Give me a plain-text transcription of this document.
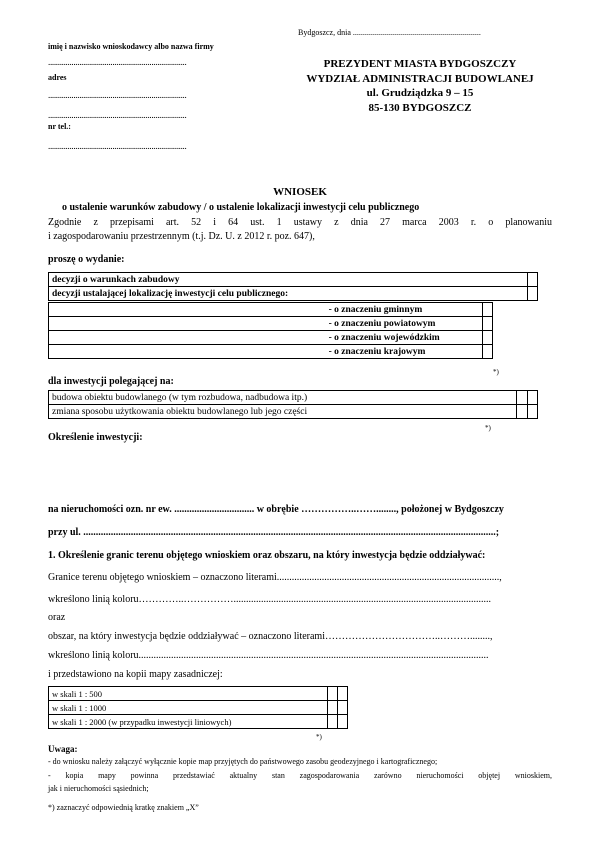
Bydgoszcz, dnia ................................................................
imię i nazwisko wnioskodawcy albo nazwa firmy
.......................................................................
adres
.......................................................................
.......................................................................
nr tel.:
.......................................................................
PREZYDENT MIASTA BYDGOSZCZY
WYDZIAŁ ADMINISTRACJI BUDOWLANEJ
ul. Grudziądzka 9 – 15
85-130 BYDGOSZCZ
WNIOSEK
o ustalenie warunków zabudowy / o ustalenie lokalizacji inwestycji celu publicznego
Zgodnie z przepisami art. 52 i 64 ust. 1 ustawy z dnia 27 marca 2003 r. o planowaniu
i zagospodarowaniu przestrzennym (t.j. Dz. U. z 2012 r. poz. 647),
proszę o wydanie:
decyzji o warunkach zabudowy	
decyzji ustalającej lokalizację inwestycji celu publicznego:	
	- o znaczeniu gminnym	
	- o znaczeniu powiatowym	
	- o znaczeniu wojewódzkim	
	- o znaczeniu krajowym	
*)
dla inwestycji polegającej na:
budowa obiektu budowlanego (w tym rozbudowa, nadbudowa itp.)		
zmiana sposobu użytkowania obiektu budowlanego lub jego części		
*)
Określenie inwestycji:
na nieruchomości ozn. nr ew. ................................ w obrębie ……………..……........, położonej w Bydgoszczy
przy ul. .....................................................................................................................................................................;
1. Określenie granic terenu objętego wnioskiem oraz obszaru, na który inwestycja będzie oddziaływać:
Granice terenu objętego wnioskiem – oznaczono literami.........................................................................................,
wkreślono linią koloru…………..…………….......................................................................................................
oraz
obszar, na który inwestycja będzie oddziaływać – oznaczono literami……………………………..………........,
wkreślono linią koloru............................................................................................................................................
i przedstawiono na kopii mapy zasadniczej:
w skali 1 : 500		
w skali 1 : 1000		
w skali 1 : 2000 (w przypadku inwestycji liniowych)		
*)
Uwaga:
- do wniosku należy załączyć wyłącznie kopie map przyjętych do państwowego zasobu geodezyjnego i kartograficznego;
- kopia mapy powinna przedstawiać aktualny stan zagospodarowania zarówno nieruchomości objętej wnioskiem,
jak i nieruchomości sąsiednich;
*) zaznaczyć odpowiednią kratkę znakiem „X”
